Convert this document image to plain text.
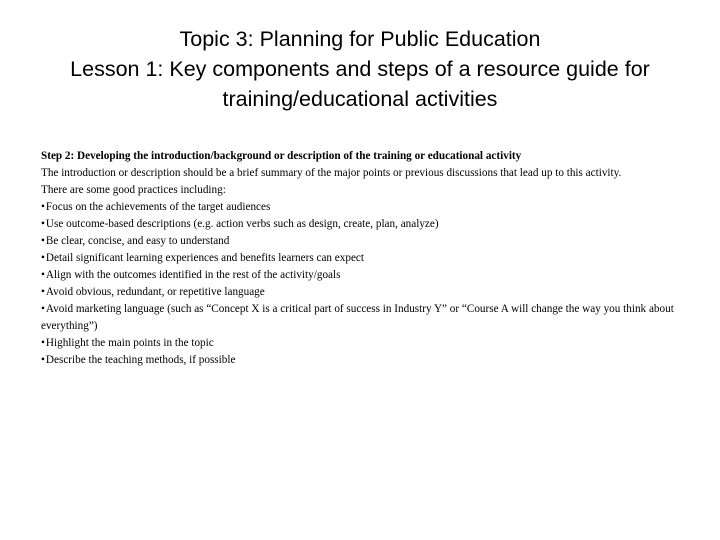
Topic 3: Planning for Public Education
Lesson 1: Key components and steps of a resource guide for
training/educational activities

Step 2: Developing the introduction/background or description of the training or educational activity

The introduction or description should be a brief summary of the major points or previous discussions that lead up to this activity.

There are some good practices including:

•Focus on the achievements of the target audiences
•Use outcome-based descriptions (e.g. action verbs such as design, create, plan, analyze)
•Be clear, concise, and easy to understand
•Detail significant learning experiences and benefits learners can expect
•Align with the outcomes identified in the rest of the activity/goals
•Avoid obvious, redundant, or repetitive language
•Avoid marketing language (such as “Concept X is a critical part of success in Industry Y” or “Course A will change the way you think about everything”)
•Highlight the main points in the topic
•Describe the teaching methods, if possible
